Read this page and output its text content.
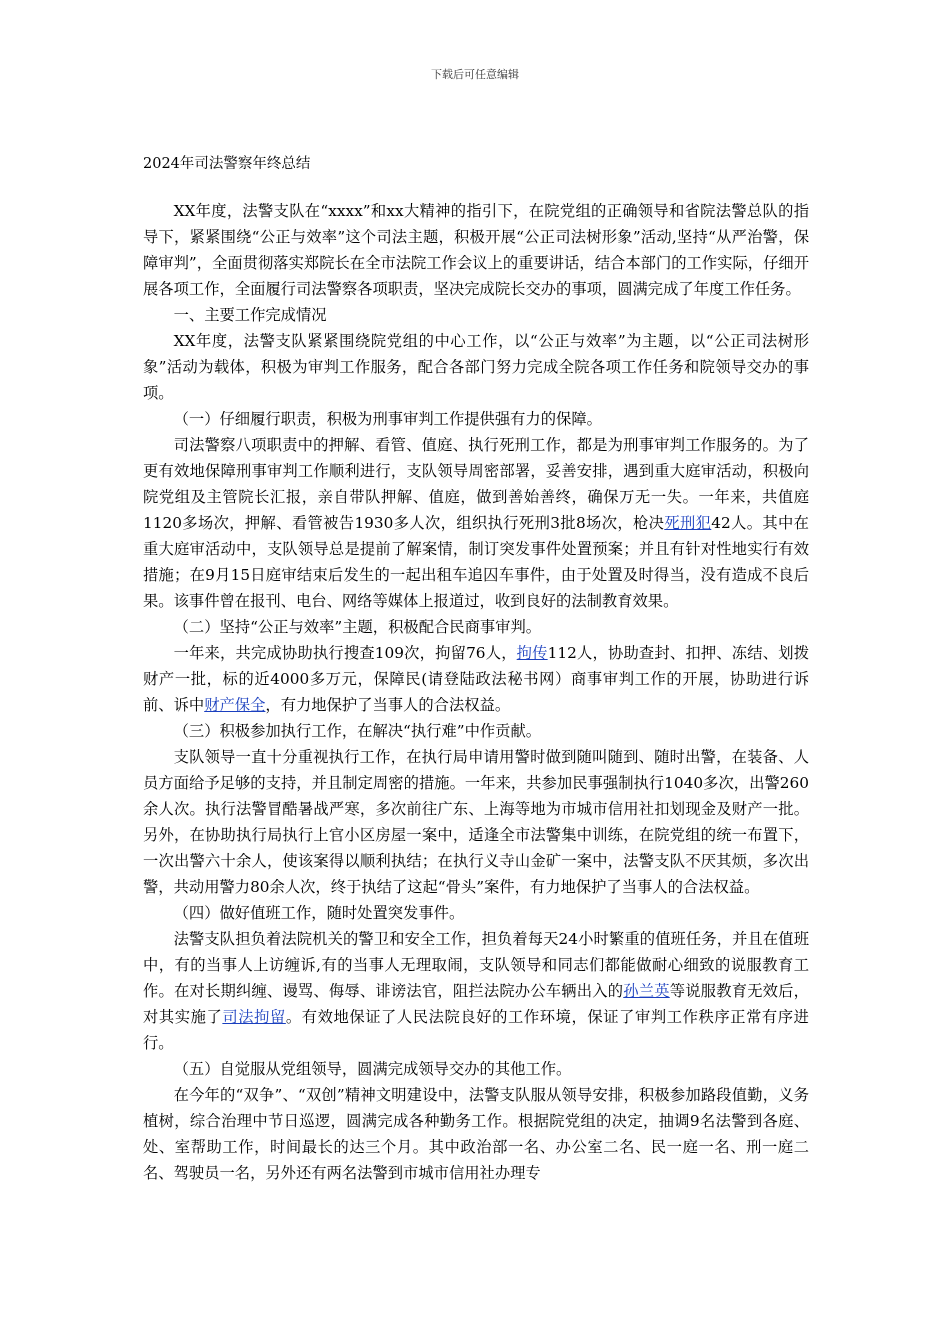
下载后可任意编辑
2024年司法警察年终总结

XX年度，法警支队在“xxxx”和xx大精神的指引下，在院党组的正确领导和省院法警总队的指导下，紧紧围绕“公正与效率”这个司法主题，积极开展“公正司法树形象”活动,坚持“从严治警，保障审判”，全面贯彻落实郑院长在全市法院工作会议上的重要讲话，结合本部门的工作实际，仔细开展各项工作，全面履行司法警察各项职责，坚决完成院长交办的事项，圆满完成了年度工作任务。

一、主要工作完成情况

XX年度，法警支队紧紧围绕院党组的中心工作，以“公正与效率”为主题，以“公正司法树形象”活动为载体，积极为审判工作服务，配合各部门努力完成全院各项工作任务和院领导交办的事项。

（一）仔细履行职责，积极为刑事审判工作提供强有力的保障。

司法警察八项职责中的押解、看管、值庭、执行死刑工作，都是为刑事审判工作服务的。为了更有效地保障刑事审判工作顺利进行，支队领导周密部署，妥善安排，遇到重大庭审活动，积极向院党组及主管院长汇报，亲自带队押解、值庭，做到善始善终，确保万无一失。一年来，共值庭1120多场次，押解、看管被告1930多人次，组织执行死刑3批8场次，枪决死刑犯42人。其中在重大庭审活动中，支队领导总是提前了解案情，制订突发事件处置预案；并且有针对性地实行有效措施；在9月15日庭审结束后发生的一起出租车追囚车事件，由于处置及时得当，没有造成不良后果。该事件曾在报刊、电台、网络等媒体上报道过，收到良好的法制教育效果。

（二）坚持“公正与效率”主题，积极配合民商事审判。

一年来，共完成协助执行搜查109次，拘留76人，拘传112人，协助查封、扣押、冻结、划拨财产一批，标的近4000多万元，保障民(请登陆政法秘书网）商事审判工作的开展，协助进行诉前、诉中财产保全，有力地保护了当事人的合法权益。

（三）积极参加执行工作，在解决“执行难”中作贡献。

支队领导一直十分重视执行工作，在执行局申请用警时做到随叫随到、随时出警，在装备、人员方面给予足够的支持，并且制定周密的措施。一年来，共参加民事强制执行1040多次，出警260余人次。执行法警冒酷暑战严寒，多次前往广东、上海等地为市城市信用社扣划现金及财产一批。另外，在协助执行局执行上官小区房屋一案中，适逢全市法警集中训练，在院党组的统一布置下，一次出警六十余人，使该案得以顺利执结；在执行义寺山金矿一案中，法警支队不厌其烦，多次出警，共动用警力80余人次，终于执结了这起“骨头”案件，有力地保护了当事人的合法权益。

（四）做好值班工作，随时处置突发事件。

法警支队担负着法院机关的警卫和安全工作，担负着每天24小时繁重的值班任务，并且在值班中，有的当事人上访缠诉,有的当事人无理取闹，支队领导和同志们都能做耐心细致的说服教育工作。在对长期纠缠、谩骂、侮辱、诽谤法官，阻拦法院办公车辆出入的孙兰英等说服教育无效后，对其实施了司法拘留。有效地保证了人民法院良好的工作环境，保证了审判工作秩序正常有序进行。

（五）自觉服从党组领导，圆满完成领导交办的其他工作。

在今年的“双争”、“双创”精神文明建设中，法警支队服从领导安排，积极参加路段值勤，义务植树，综合治理中节日巡逻，圆满完成各种勤务工作。根据院党组的决定，抽调9名法警到各庭、处、室帮助工作，时间最长的达三个月。其中政治部一名、办公室二名、民一庭一名、刑一庭二名、驾驶员一名，另外还有两名法警到市城市信用社办理专
